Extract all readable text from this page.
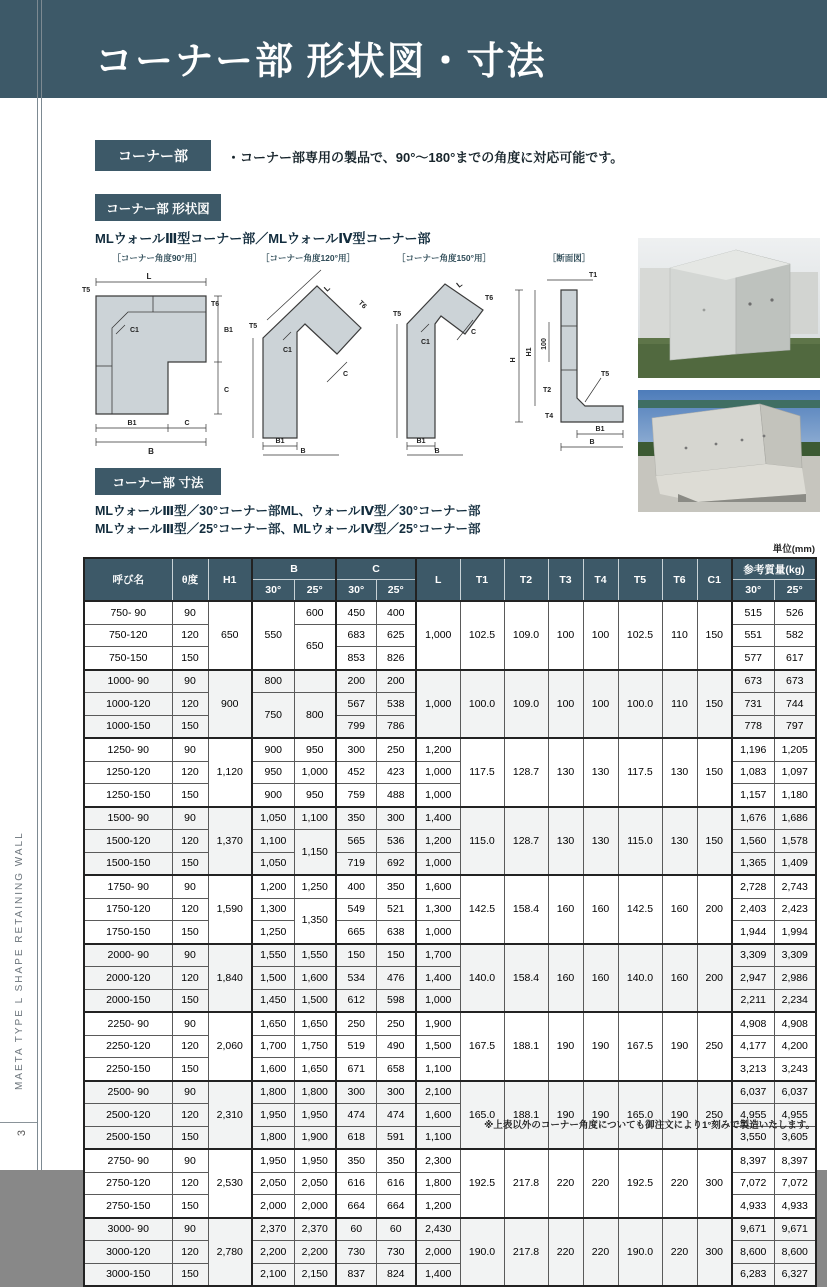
コーナー部 形状図・寸法
MAETA TYPE L SHAPE RETAINING WALL
3
コーナー部	・コーナー部専用の製品で、90°～180°までの角度に対応可能です。
コーナー部 形状図
MLウォールⅢ型コーナー部／MLウォールⅣ型コーナー部
［コーナー角度90°用］
L
C1
T5
T6
B1
C
B1	C
B
［コーナー角度120°用］
L
T5
T6
C1
C
B1
B
［コーナー角度150°用］
L
T5
T6
C1
C
B1
B
［断面図］
T1
H
H1
100
T2
T4
T5
B1
B
コーナー部 寸法
MLウォールⅢ型／30°コーナー部ML、ウォールⅣ型／30°コーナー部
MLウォールⅢ型／25°コーナー部、MLウォールⅣ型／25°コーナー部
単位(mm)
呼び名	θ度	H1	B		C		L	T1	T2	T3	T4	T5	T6	C1	参考質量(kg)	
			30°	25°	30°	25°									30°	25°
750- 90	90	650	550	600	450	400	1,000	102.5	109.0	100	100	102.5	110	150	515	526
750-120	120			650	683	625									551	582
750-150	150				853	826									577	617
1000- 90	90	900	800		200	200	1,000	100.0	109.0	100	100	100.0	110	150	673	673
1000-120	120		750	800	567	538									731	744
1000-150	150				799	786									778	797
1250- 90	90	1,120	900	950	300	250	1,200	117.5	128.7	130	130	117.5	130	150	1,196	1,205
1250-120	120		950	1,000	452	423	1,000								1,083	1,097
1250-150	150		900	950	759	488	1,000								1,157	1,180
1500- 90	90	1,370	1,050	1,100	350	300	1,400	115.0	128.7	130	130	115.0	130	150	1,676	1,686
1500-120	120		1,100	1,150	565	536	1,200								1,560	1,578
1500-150	150		1,050		719	692	1,000								1,365	1,409
1750- 90	90	1,590	1,200	1,250	400	350	1,600	142.5	158.4	160	160	142.5	160	200	2,728	2,743
1750-120	120		1,300	1,350	549	521	1,300								2,403	2,423
1750-150	150		1,250		665	638	1,000								1,944	1,994
2000- 90	90	1,840	1,550	1,550	150	150	1,700	140.0	158.4	160	160	140.0	160	200	3,309	3,309
2000-120	120		1,500	1,600	534	476	1,400								2,947	2,986
2000-150	150		1,450	1,500	612	598	1,000								2,211	2,234
2250- 90	90	2,060	1,650	1,650	250	250	1,900	167.5	188.1	190	190	167.5	190	250	4,908	4,908
2250-120	120		1,700	1,750	519	490	1,500								4,177	4,200
2250-150	150		1,600	1,650	671	658	1,100								3,213	3,243
2500- 90	90	2,310	1,800	1,800	300	300	2,100	165.0	188.1	190	190	165.0	190	250	6,037	6,037
2500-120	120		1,950	1,950	474	474	1,600								4,955	4,955
2500-150	150		1,800	1,900	618	591	1,100								3,550	3,605
2750- 90	90	2,530	1,950	1,950	350	350	2,300	192.5	217.8	220	220	192.5	220	300	8,397	8,397
2750-120	120		2,050	2,050	616	616	1,800								7,072	7,072
2750-150	150		2,000	2,000	664	664	1,200								4,933	4,933
3000- 90	90	2,780	2,370	2,370	60	60	2,430	190.0	217.8	220	220	190.0	220	300	9,671	9,671
3000-120	120		2,200	2,200	730	730	2,000								8,600	8,600
3000-150	150		2,100	2,150	837	824	1,400								6,283	6,327
※上表以外のコーナー角度についても御注文により1°刻みで製造いたします。
